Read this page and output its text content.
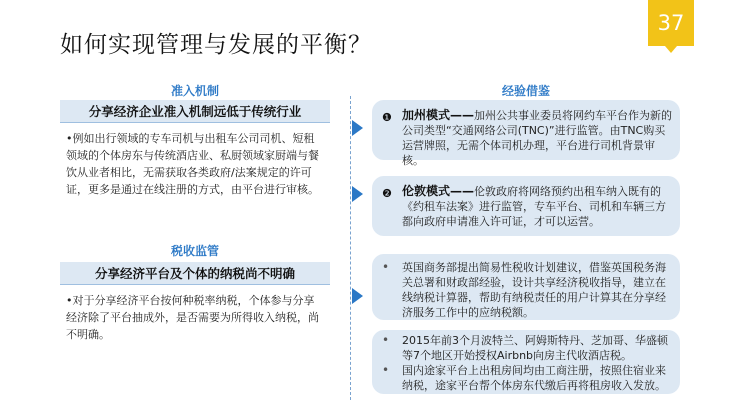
如何实现管理与发展的平衡？
37
准入机制
分享经济企业准入机制远低于传统行业
•例如出行领域的专车司机与出租车公司司机、短租领域的个体房东与传统酒店业、私厨领域家厨端与餐饮从业者相比，无需获取各类政府/法案规定的许可证，更多是通过在线注册的方式，由平台进行审核。
税收监管
分享经济平台及个体的纳税尚不明确
•对于分享经济平台按何种税率纳税，个体参与分享经济除了平台抽成外，是否需要为所得收入纳税，尚不明确。
经验借鉴
❶ 加州模式——加州公共事业委员将网约车平台作为新的公司类型“交通网络公司(TNC)”进行监管。由TNC购买运营牌照，无需个体司机办理，平台进行司机背景审核。
❷ 伦敦模式——伦敦政府将网络预约出租车纳入既有的《约租车法案》进行监管，专车平台、司机和车辆三方都向政府申请准入许可证，才可以运营。
• 英国商务部提出简易性税收计划建议，借鉴英国税务海关总署和财政部经验，设计共享经济税收指导，建立在线纳税计算器，帮助有纳税责任的用户计算其在分享经济服务工作中的应纳税额。
• 2015年前3个月波特兰、阿姆斯特丹、芝加哥、华盛顿等7个地区开始授权Airbnb向房主代收酒店税。
• 国内途家平台上出租房间均由工商注册，按照住宿业来纳税，途家平台帮个体房东代缴后再将租房收入发放。
